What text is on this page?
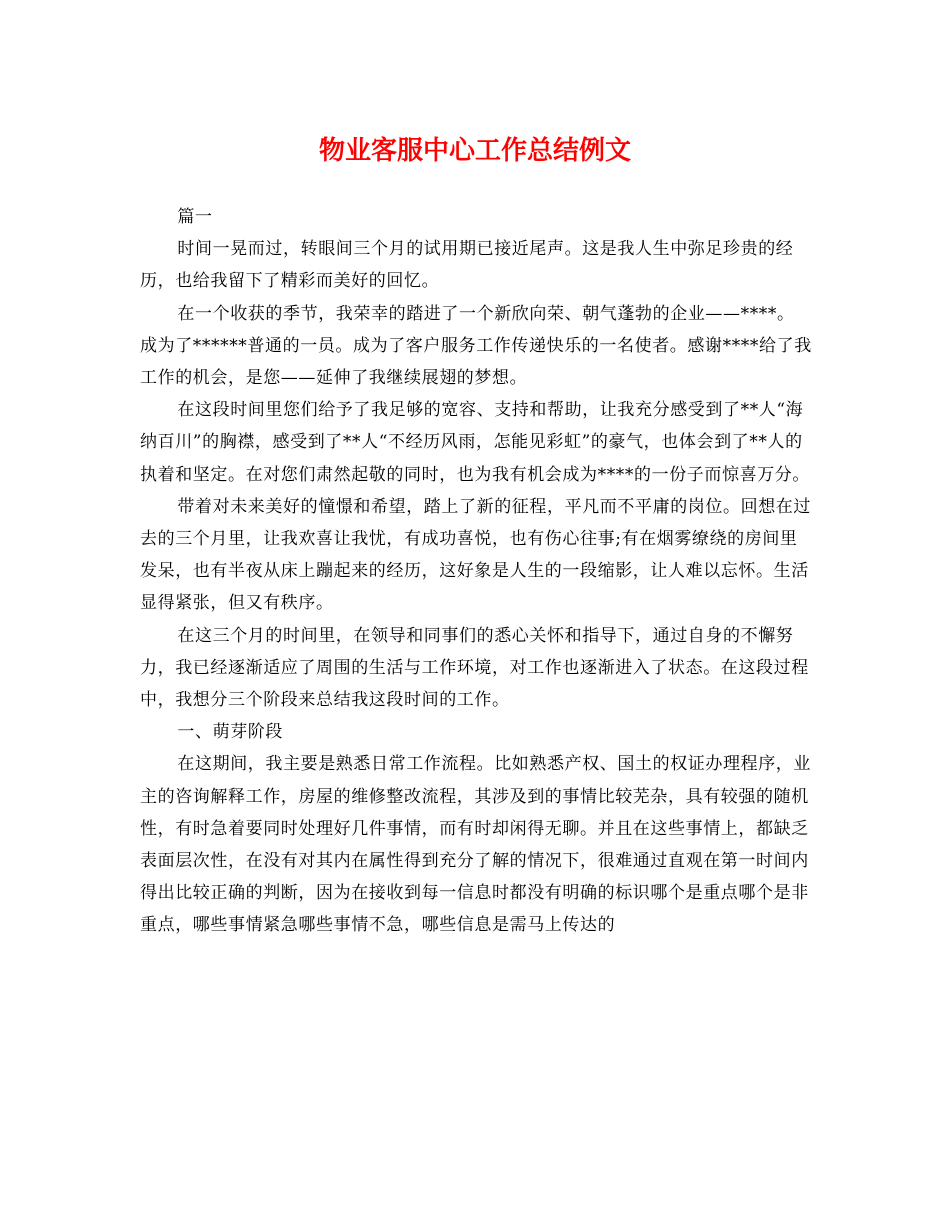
物业客服中心工作总结例文

篇一

时间一晃而过，转眼间三个月的试用期已接近尾声。这是我人生中弥足珍贵的经历，也给我留下了精彩而美好的回忆。

在一个收获的季节，我荣幸的踏进了一个新欣向荣、朝气蓬勃的企业——****。成为了******普通的一员。成为了客户服务工作传递快乐的一名使者。感谢****给了我工作的机会，是您——延伸了我继续展翅的梦想。

在这段时间里您们给予了我足够的宽容、支持和帮助，让我充分感受到了**人“海纳百川”的胸襟，感受到了**人“不经历风雨，怎能见彩虹”的豪气，也体会到了**人的执着和坚定。在对您们肃然起敬的同时，也为我有机会成为****的一份子而惊喜万分。

带着对未来美好的憧憬和希望，踏上了新的征程，平凡而不平庸的岗位。回想在过去的三个月里，让我欢喜让我忧，有成功喜悦，也有伤心往事;有在烟雾缭绕的房间里发呆，也有半夜从床上蹦起来的经历，这好象是人生的一段缩影，让人难以忘怀。生活显得紧张，但又有秩序。

在这三个月的时间里，在领导和同事们的悉心关怀和指导下，通过自身的不懈努力，我已经逐渐适应了周围的生活与工作环境，对工作也逐渐进入了状态。在这段过程中，我想分三个阶段来总结我这段时间的工作。

一、萌芽阶段

在这期间，我主要是熟悉日常工作流程。比如熟悉产权、国土的权证办理程序，业主的咨询解释工作，房屋的维修整改流程，其涉及到的事情比较芜杂，具有较强的随机性，有时急着要同时处理好几件事情，而有时却闲得无聊。并且在这些事情上，都缺乏表面层次性，在没有对其内在属性得到充分了解的情况下，很难通过直观在第一时间内得出比较正确的判断，因为在接收到每一信息时都没有明确的标识哪个是重点哪个是非重点，哪些事情紧急哪些事情不急，哪些信息是需马上传达的
